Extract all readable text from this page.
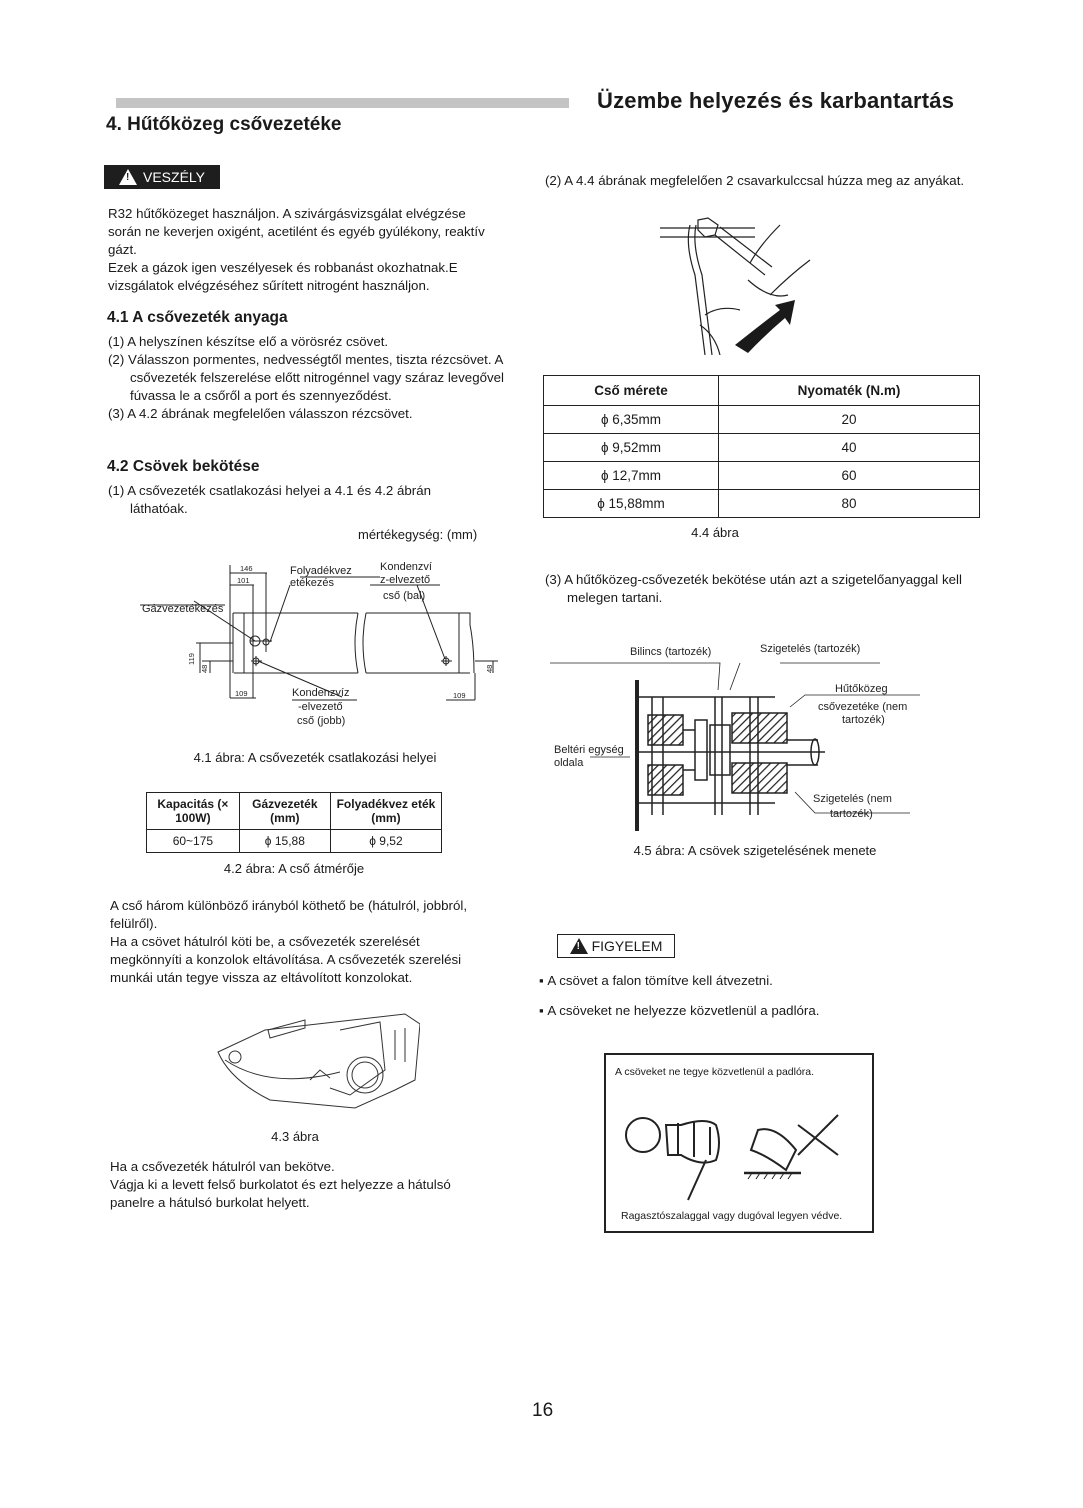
Üzembe helyezés és karbantartás
4. Hűtőközeg csővezetéke
!
VESZÉLY
R32 hűtőközeget használjon. A szivárgásvizsgálat elvégzése
során ne keverjen oxigént, acetilént és egyéb gyúlékony, reaktív
gázt.
Ezek a gázok igen veszélyesek és robbanást okozhatnak.E
vizsgálatok elvégzéséhez sűrített nitrogént használjon.
4.1 A csővezeték anyaga
(1) A helyszínen készítse elő a vörösréz csövet.
(2) Válasszon pormentes, nedvességtől mentes, tiszta rézcsövet. A csővezeték felszerelése előtt nitrogénnel vagy száraz levegővel fúvassa le a csőről a port és szennyeződést.
(3) A 4.2 ábrának megfelelően válasszon rézcsövet.
4.2 Csövek bekötése
(1) A csővezeték csatlakozási helyei a 4.1 és 4.2 ábrán láthatóak.
mértékegység: (mm)
146
101
119
48
109	109
48
Folyadékvez
etékezés
Gázvezetékezés
Kondenzví
z-elvezető
cső (bal)
Kondenzvíz
-elvezető
cső (jobb)
4.1 ábra: A csővezeték csatlakozási helyei
Kapacitás (× 100W)	Gázvezeték (mm)	Folyadékvez eték (mm)
60~175	ϕ 15,88	ϕ 9,52
4.2 ábra: A cső átmérője
A cső három különböző irányból köthető be (hátulról, jobbról,
felülről).
Ha a csövet hátulról köti be, a csővezeték szerelését
megkönnyíti a konzolok eltávolítása. A csővezeték szerelési
munkái után tegye vissza az eltávolított konzolokat.
4.3 ábra
Ha a csővezeték hátulról van bekötve.
Vágja ki a levett felső burkolatot és ezt helyezze a hátulsó
panelre a hátulsó burkolat helyett.
(2) A 4.4 ábrának megfelelően 2 csavarkulccsal húzza meg az anyákat.
Cső mérete	Nyomaték (N.m)
ϕ 6,35mm	20
ϕ 9,52mm	40
ϕ 12,7mm	60
ϕ 15,88mm	80
4.4 ábra
(3) A hűtőközeg-csővezeték bekötése után azt a szigetelőanyaggal kell melegen tartani.
Bilincs (tartozék)	Szigetelés (tartozék)
Hűtőközeg
csővezetéke (nem
tartozék)
Beltéri egység
oldala
Szigetelés (nem
tartozék)
4.5 ábra: A csövek szigetelésének menete
!
FIGYELEM
▪ A csövet a falon tömítve kell átvezetni.
▪ A csöveket ne helyezze közvetlenül a padlóra.
A csöveket ne tegye közvetlenül a padlóra.
Ragasztószalaggal vagy dugóval legyen védve.
16
